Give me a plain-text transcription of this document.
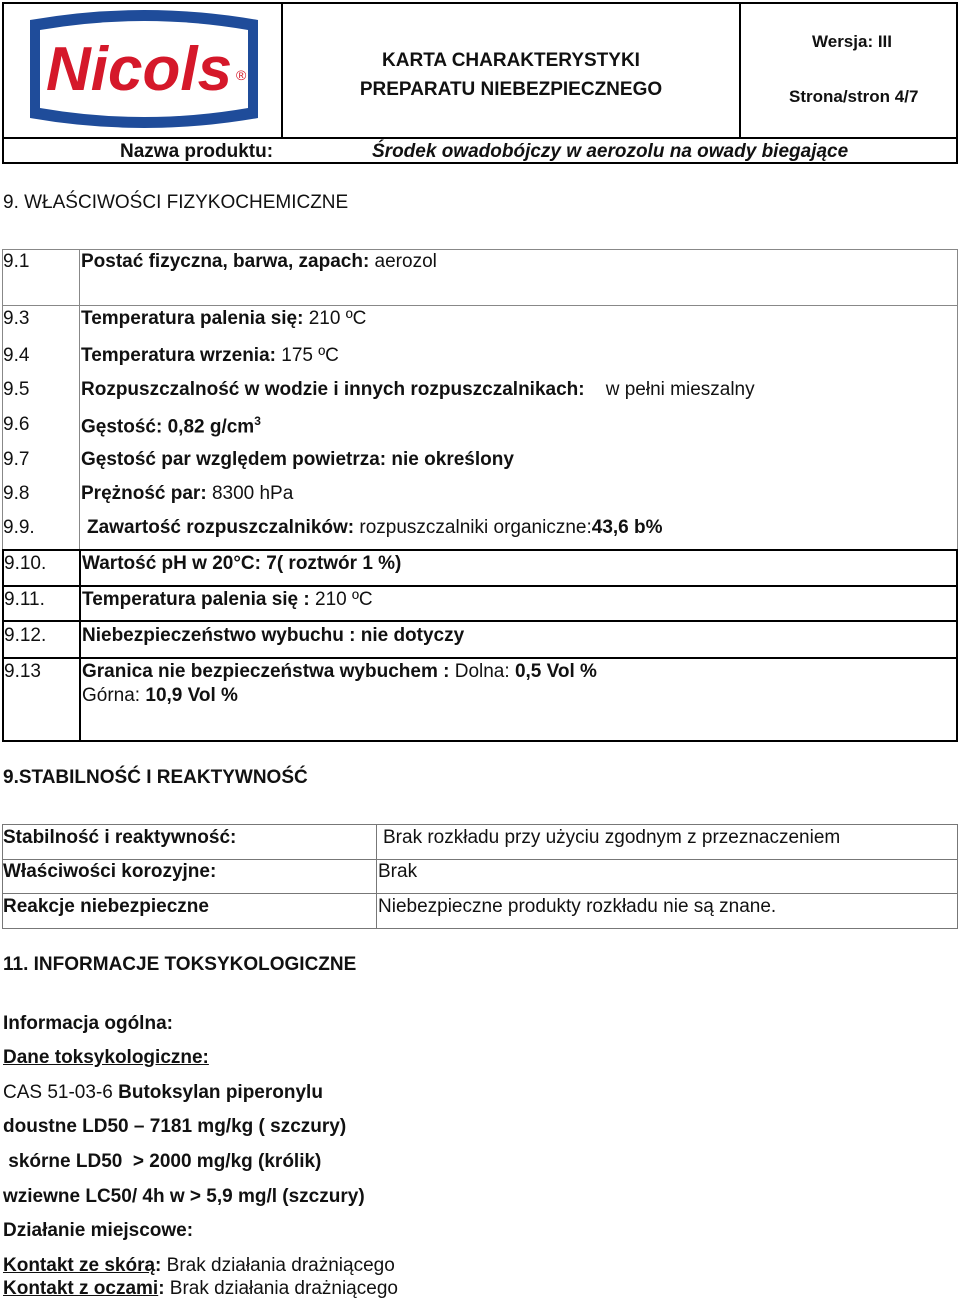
Nicols ®
KARTA CHARAKTERYSTYKI
PREPARATU NIEBEZPIECZNEGO
Wersja: III
Strona/stron 4/7
Nazwa produktu:	Środek owadobójczy w aerozolu na owady biegające
9. WŁAŚCIWOŚCI FIZYKOCHEMICZNE
9.1	Postać fizyczna, barwa, zapach: aerozol
9.3	Temperatura palenia się: 210 ºC
9.4	Temperatura wrzenia: 175 ºC
9.5	Rozpuszczalność w wodzie i innych rozpuszczalnikach: w pełni mieszalny
9.6	Gęstość: 0,82 $g/cm^3$
9.7	Gęstość par względem powietrza: nie określony
9.8	Prężność par: 8300 hPa
9.9.	Zawartość rozpuszczalników: rozpuszczalniki organiczne:43,6 b%
9.10. Wartość pH w 20°C: 7( roztwór 1 %)
9.11. Temperatura palenia się : 210 ºC
9.12. Niebezpieczeństwo wybuchu : nie dotyczy
9.13 Granica nie bezpieczeństwa wybuchem : Dolna: 0,5 Vol %
Górna: 10,9 Vol %
9.STABILNOŚĆ I REAKTYWNOŚĆ
Stabilność i reaktywność:	Brak rozkładu przy użyciu zgodnym z przeznaczeniem
Właściwości korozyjne:	Brak
Reakcje niebezpieczne	Niebezpieczne produkty rozkładu nie są znane.
11. INFORMACJE TOKSYKOLOGICZNE
Informacja ogólna:
Dane toksykologiczne:
CAS 51-03-6 Butoksylan piperonylu
doustne LD50 – 7181 mg/kg ( szczury)
skórne LD50  > 2000 mg/kg (królik)
wziewne LC50/ 4h w > 5,9 mg/l (szczury)
Działanie miejscowe:
Kontakt ze skórą: Brak działania drażniącego
Kontakt z oczami: Brak działania drażniącego
